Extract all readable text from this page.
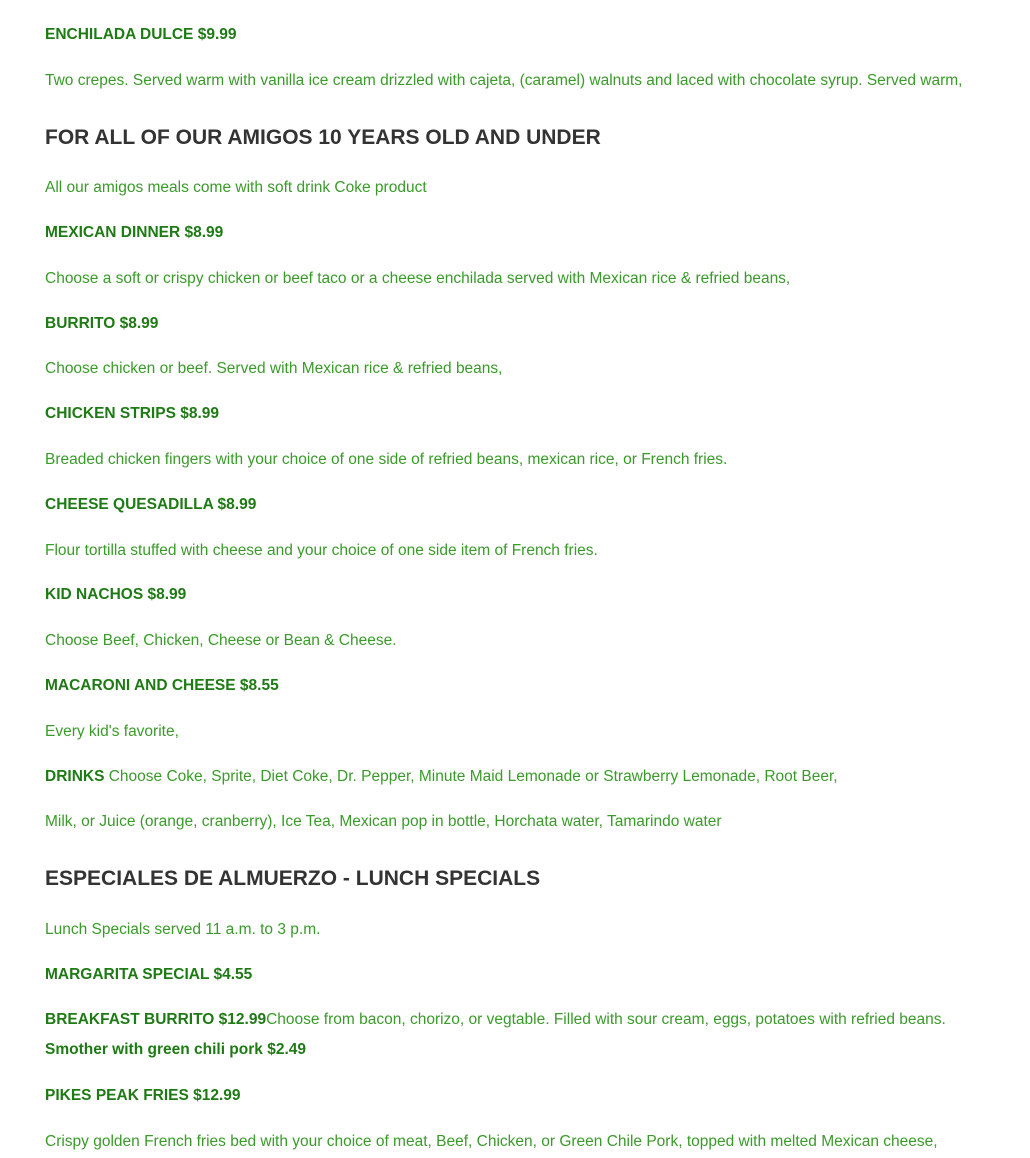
ENCHILADA DULCE $9.99
Two crepes. Served warm with vanilla ice cream drizzled with cajeta, (caramel) walnuts and laced with chocolate syrup. Served warm,
FOR ALL OF OUR AMIGOS 10 YEARS OLD AND UNDER
All our amigos meals come with soft drink Coke product
MEXICAN DINNER $8.99
Choose a soft or crispy chicken or beef taco or a cheese enchilada served with Mexican rice & refried beans,
BURRITO $8.99
Choose chicken or beef. Served with Mexican rice & refried beans,
CHICKEN STRIPS $8.99
Breaded chicken fingers with your choice of one side of refried beans, mexican rice, or French fries.
CHEESE QUESADILLA $8.99
Flour tortilla stuffed with cheese and your choice of one side item of French fries.
KID NACHOS $8.99
Choose Beef, Chicken, Cheese or Bean & Cheese.
MACARONI AND CHEESE $8.55
Every kid's favorite,
DRINKS Choose Coke, Sprite, Diet Coke, Dr. Pepper, Minute Maid Lemonade or Strawberry Lemonade, Root Beer,
Milk, or Juice (orange, cranberry), Ice Tea, Mexican pop in bottle, Horchata water, Tamarindo water
ESPECIALES DE ALMUERZO - LUNCH SPECIALS
Lunch Specials served 11 a.m. to 3 p.m.
MARGARITA SPECIAL $4.55
BREAKFAST BURRITO $12.99Choose from bacon, chorizo, or vegtable. Filled with sour cream, eggs, potatoes with refried beans.
Smother with green chili pork $2.49
PIKES PEAK FRIES $12.99
Crispy golden French fries bed with your choice of meat, Beef, Chicken, or Green Chile Pork, topped with melted Mexican cheese,
